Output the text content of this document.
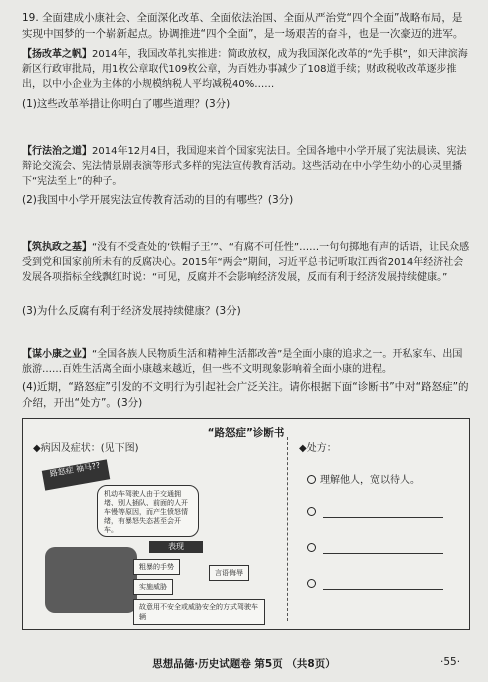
19. 全面建成小康社会、全面深化改革、全面依法治国、全面从严治党“四个全面”战略布局，是实现中国梦的一个崭新起点。协调推进“四个全面”，是一场艰苦的奋斗，也是一次豪迈的进军。
【扬改革之帆】2014年，我国改革扎实推进：简政放权，成为我国深化改革的“先手棋”，如天津滨海新区行政审批局，用1枚公章取代109枚公章，为百姓办事减少了108道手续；财政税收改革逐步推出，以中小企业为主体的小规模纳税人平均减税40%……
(1)这些改革举措让你明白了哪些道理？(3分)
【行法治之道】2014年12月4日，我国迎来首个国家宪法日。全国各地中小学开展了宪法晨读、宪法辩论交流会、宪法情景剧表演等形式多样的宪法宣传教育活动。这些活动在中小学生幼小的心灵里播下“宪法至上”的种子。
(2)我国中小学开展宪法宣传教育活动的目的有哪些？(3分)
【筑执政之基】“没有不受查处的‘铁帽子王’”、“有腐不可任性”……一句句掷地有声的话语，让民众感受到党和国家前所未有的反腐决心。2015年“两会”期间，习近平总书记听取江西省2014年经济社会发展各项指标全线飘红时说：“可见，反腐并不会影响经济发展，反而有利于经济发展持续健康。”
(3)为什么反腐有利于经济发展持续健康？(3分)
【谋小康之业】“全国各族人民物质生活和精神生活都改善”是全面小康的追求之一。开私家车、出国旅游……百姓生活离全面小康越来越近，但一些不文明现象影响着全面小康的进程。
(4)近期，“路怒症”引发的不文明行为引起社会广泛关注。请你根据下面“诊断书”中对“路怒症”的介绍，开出“处方”。(3分)
“路怒症”诊断书
◆病因及症状：(见下图)	◆处方：
路怒症 袖马??
机动车驾驶人由于交通拥堵、别人插队、前面的人开车慢等原因，而产生愤怒情绪，有暴怒失态甚至会开车。
表现
粗暴的手势
言语侮辱
实施威胁
故意用不安全或威胁安全的方式驾驶车辆
理解他人，宽以待人。
思想品德·历史试题卷 第5页 （共8页）	·55·
